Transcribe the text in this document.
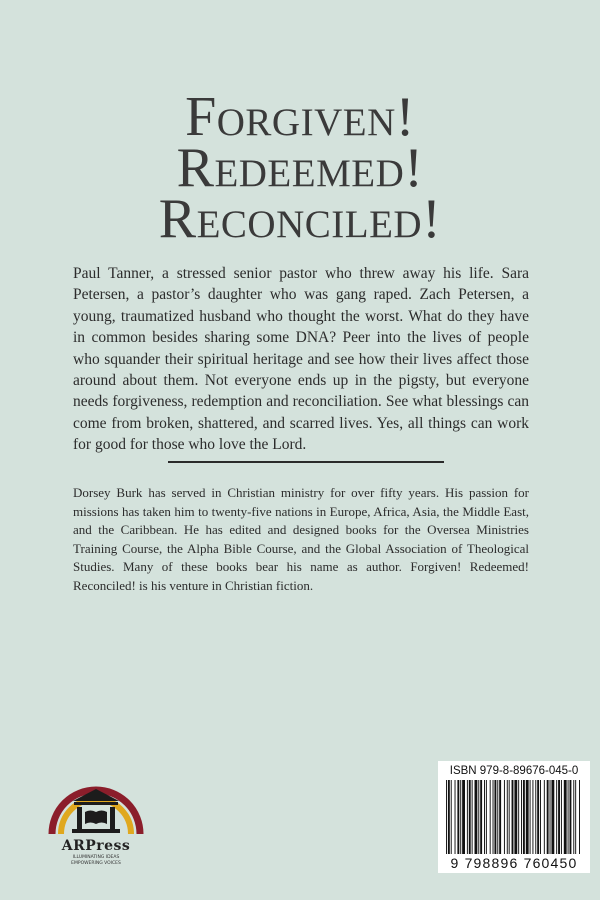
Forgiven!
Redeemed!
Reconciled!

Paul Tanner, a stressed senior pastor who threw away his life. Sara Petersen, a pastor’s daughter who was gang raped. Zach Petersen, a young, traumatized husband who thought the worst. What do they have in common besides sharing some DNA? Peer into the lives of people who squander their spiritual heritage and see how their lives affect those around about them. Not everyone ends up in the pigsty, but everyone needs forgiveness, redemption and reconciliation. See what blessings can come from broken, shattered, and scarred lives. Yes, all things can work for good for those who love the Lord.

Dorsey Burk has served in Christian ministry for over fifty years. His passion for missions has taken him to twenty-five nations in Europe, Africa, Asia, the Middle East, and the Caribbean. He has edited and designed books for the Oversea Ministries Training Course, the Alpha Bible Course, and the Global Association of Theological Studies. Many of these books bear his name as author. Forgiven! Redeemed! Reconciled! is his venture in Christian fiction.

ARPress
ILLUMINATING IDEAS
EMPOWERING VOICES
ISBN 979-8-89676-045-0
9 798896 760450
